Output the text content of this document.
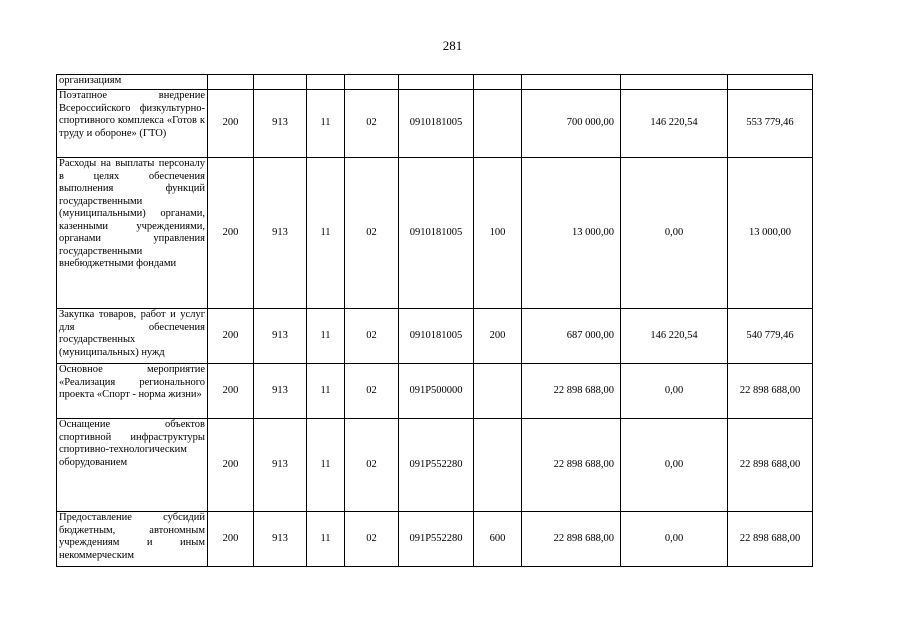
281
организациям									

Поэтапное внедрение Всероссийского физкультурно-спортивного комплекса «Готов к труду и обороне» (ГТО)	200	913	11	02	0910181005		700 000,00	146 220,54	553 779,46

Расходы на выплаты персоналу в целях обеспечения выполнения функций государственными (муниципальными) органами, казенными учреждениями, органами управления государственными внебюджетными фондами	200	913	11	02	0910181005	100	13 000,00	0,00	13 000,00

Закупка товаров, работ и услуг для обеспечения государственных (муниципальных) нужд	200	913	11	02	0910181005	200	687 000,00	146 220,54	540 779,46

Основное мероприятие «Реализация регионального проекта «Спорт - норма жизни»	200	913	11	02	091P500000		22 898 688,00	0,00	22 898 688,00

Оснащение объектов спортивной инфраструктуры спортивно-технологическим оборудованием	200	913	11	02	091P552280		22 898 688,00	0,00	22 898 688,00

Предоставление субсидий бюджетным, автономным учреждениям и иным некоммерческим	200	913	11	02	091P552280	600	22 898 688,00	0,00	22 898 688,00
